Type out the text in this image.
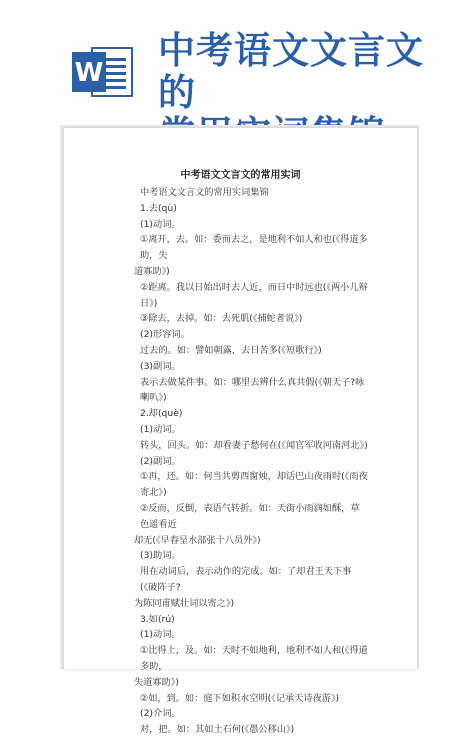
W
中考语文文言文的
中考语文文言文的常用实词

中考语文文言文的常用实词集锦

1.去(qù)

(1)动词。

①离开，去。如：委而去之，是地利不如人和也(《得道多助，失

道寡助》)

②距离。我以日始出时去人近，而日中时远也(《两小儿辩日》)

③除去，去掉。如：去死肌(《捕蛇者说》)

(2)形容词。

过去的。如：譬如朝露，去日苦多(《短歌行》)

(3)副词。

表示去做某件事。如：哪里去辨什么真共假(《朝天子?咏喇叭》)

2.却(què)

(1)动词。

转头，回头。如：却看妻子愁何在(《闻官军收河南河北》)

(2)副词。

①再，还。如：何当共剪西窗烛，却话巴山夜雨时(《雨夜寄北》)

②反而，反倒，表语气转折。如：天街小雨润如酥，草色遥看近

却无(《早春呈水部张十八员外》)

(3)助词。

用在动词后，表示动作的完成。如：了却君王天下事(《破阵子?

为陈同甫赋壮词以寄之》)

3.如(rú)

(1)动词。

①比得上，及。如：天时不如地利，地利不如人和(《得道多助，

失道寡助》)

②如，到。如：庭下如积水空明(《记承天诗夜游》)

(2)介词。

对，把。如：其如土石何(《愚公移山》)
